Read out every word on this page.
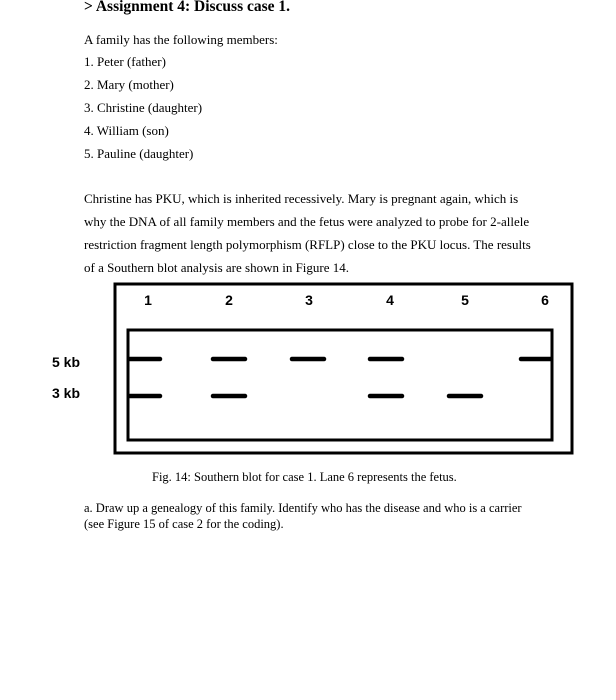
> Assignment 4: Discuss case 1.
A family has the following members:
1. Peter (father)
2. Mary (mother)
3. Christine (daughter)
4. William (son)
5. Pauline (daughter)
Christine has PKU, which is inherited recessively. Mary is pregnant again, which is
why the DNA of all family members and the fetus were analyzed to probe for 2-allele
restriction fragment length polymorphism (RFLP) close to the PKU locus. The results
of a Southern blot analysis are shown in Figure 14.
1	2	3	4	5	6
5 kb
3 kb
Fig. 14: Southern blot for case 1. Lane 6 represents the fetus.
a. Draw up a genealogy of this family. Identify who has the disease and who is a carrier (see Figure 15 of case 2 for the coding).
